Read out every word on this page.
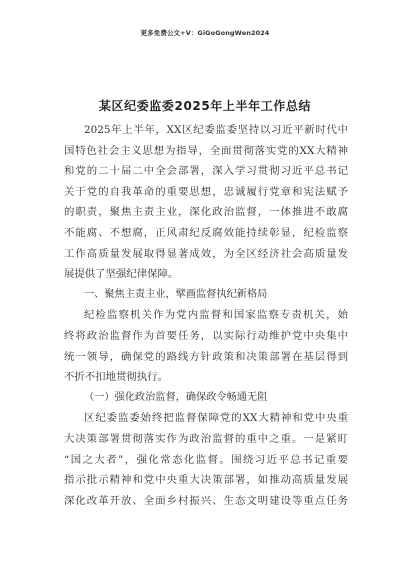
更多免费公文+V：GiGoGongWen2024
某区纪委监委2025年上半年工作总结
2025年上半年，XX区纪委监委坚持以习近平新时代中
国特色社会主义思想为指导，全面贯彻落实党的XX大精神
和党的二十届二中全会部署，深入学习贯彻习近平总书记
关于党的自我革命的重要思想，忠诚履行党章和宪法赋予
的职责，聚焦主责主业，深化政治监督，一体推进不敢腐
不能腐、不想腐，正风肃纪反腐效能持续彰显，纪检监察
工作高质量发展取得显著成效，为全区经济社会高质量发
展提供了坚强纪律保障。
一、聚焦主责主业，擘画监督执纪新格局
纪检监察机关作为党内监督和国家监察专责机关，始
终将政治监督作为首要任务，以实际行动维护党中央集中
统一领导，确保党的路线方针政策和决策部署在基层得到
不折不扣地贯彻执行。
（一）强化政治监督，确保政令畅通无阻
区纪委监委始终把监督保障党的XX大精神和党中央重
大决策部署贯彻落实作为政治监督的重中之重。一是紧盯
“国之大者”，强化常态化监督。围绕习近平总书记重要
指示批示精神和党中央重大决策部署，如推动高质量发展
深化改革开放、全面乡村振兴、生态文明建设等重点任务
